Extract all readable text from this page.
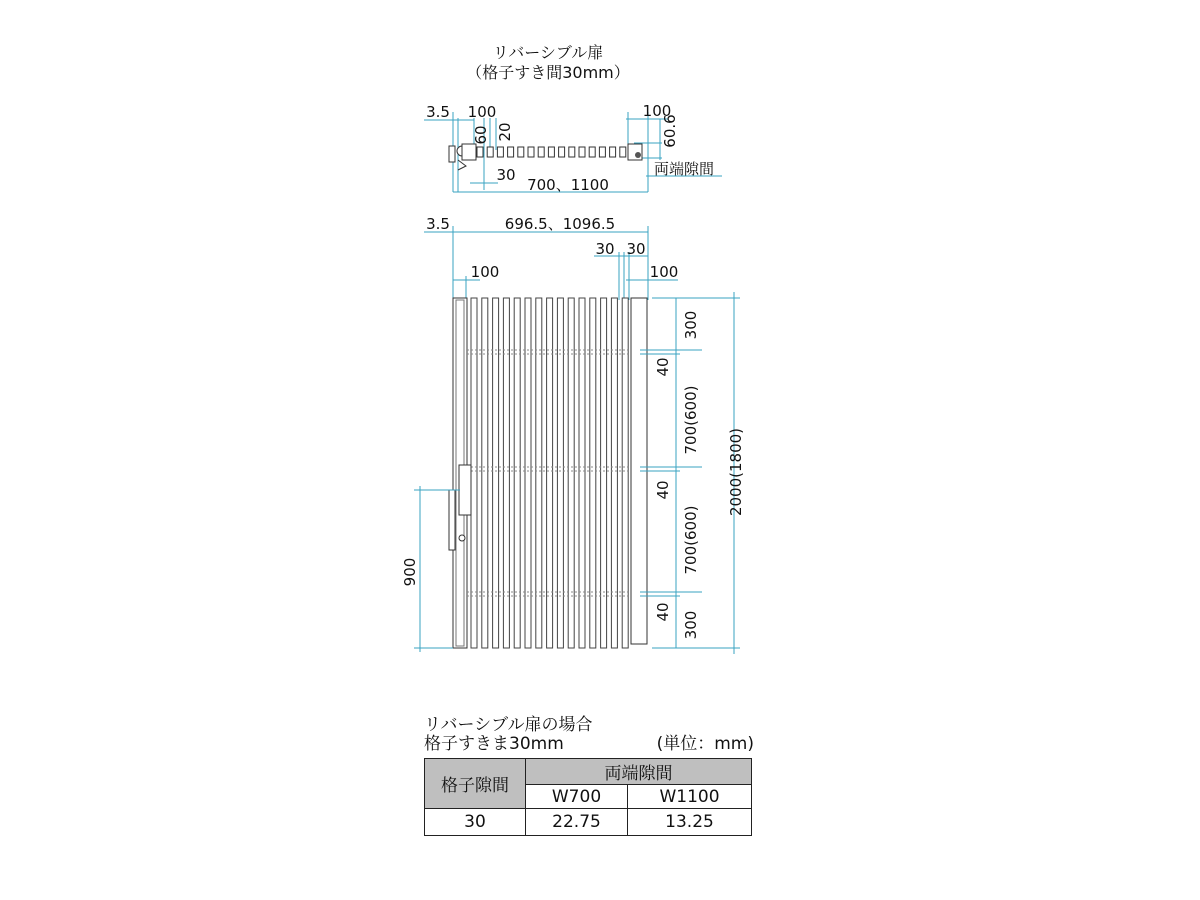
リバーシブル扉
（格子すき間30mm）
3.5 100
60 20
100
60.6
30
700、1100
両端隙間
3.5	696.5、1096.5
30 30
100	100
300
40
700(600)
40
700(600)
40 300
2000(1800)
900
リバーシブル扉の場合
格子すきま30mm	(単位：mm)
格子隙間	両端隙間	
	W700	W1100
30	22.75	13.25
